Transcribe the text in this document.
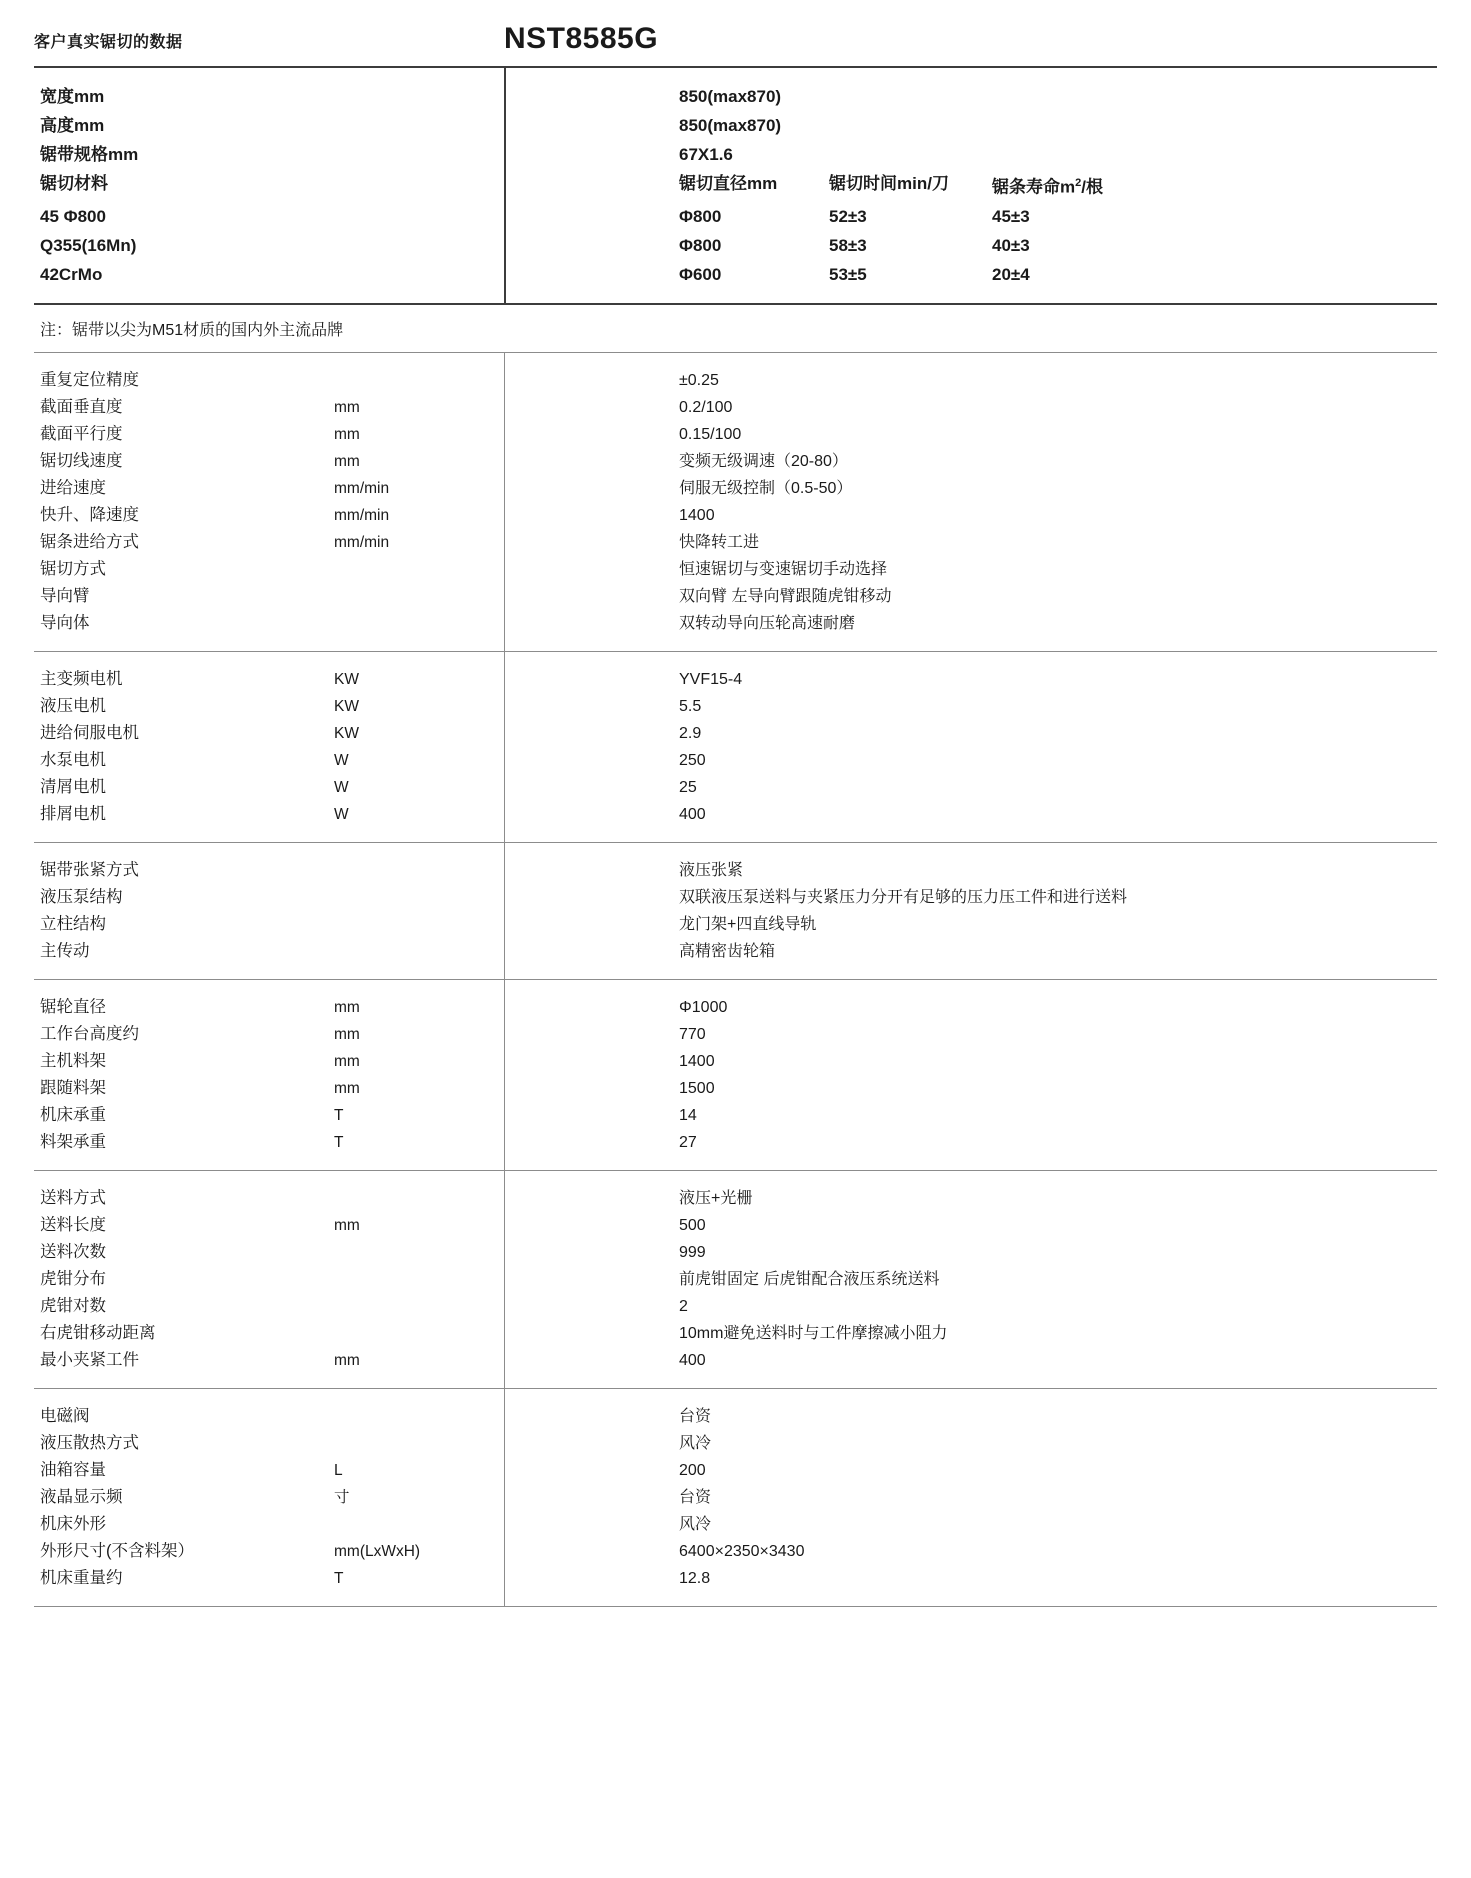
客户真实锯切的数据	NST8585G
宽度mm	850(max870)
高度mm	850(max870)
锯带规格mm	67X1.6
锯切材料	锯切直径mm	锯切时间min/刀	锯条寿命$m^2/$根
45 Φ800	Φ800	52±3	45±3
Q355(16Mn)	Φ800	58±3	40±3
42CrMo	Φ600	53±5	20±4
注：锯带以尖为M51材质的国内外主流品牌
重复定位精度	±0.25
截面垂直度	mm	0.2/100
截面平行度	mm	0.15/100
锯切线速度	mm	变频无级调速（20-80）
进给速度	mm/min	伺服无级控制（0.5-50）
快升、降速度	mm/min	1400
锯条进给方式	mm/min	快降转工进
锯切方式	恒速锯切与变速锯切手动选择
导向臂	双向臂 左导向臂跟随虎钳移动
导向体	双转动导向压轮高速耐磨
主变频电机	KW	YVF15-4
液压电机	KW	5.5
进给伺服电机	KW	2.9
水泵电机	W	250
清屑电机	W	25
排屑电机	W	400
锯带张紧方式	液压张紧
液压泵结构	双联液压泵送料与夹紧压力分开有足够的压力压工件和进行送料
立柱结构	龙门架+四直线导轨
主传动	高精密齿轮箱
锯轮直径	mm	Φ1000
工作台高度约	mm	770
主机料架	mm	1400
跟随料架	mm	1500
机床承重	T	14
料架承重	T	27
送料方式	液压+光栅
送料长度	mm	500
送料次数	999
虎钳分布	前虎钳固定 后虎钳配合液压系统送料
虎钳对数	2
右虎钳移动距离	10mm避免送料时与工件摩擦减小阻力
最小夹紧工件	mm	400
电磁阀	台资
液压散热方式	风冷
油箱容量	L	200
液晶显示频	寸	台资
机床外形	风冷
外形尺寸(不含料架）	mm(LxWxH)	6400×2350×3430
机床重量约	T	12.8
